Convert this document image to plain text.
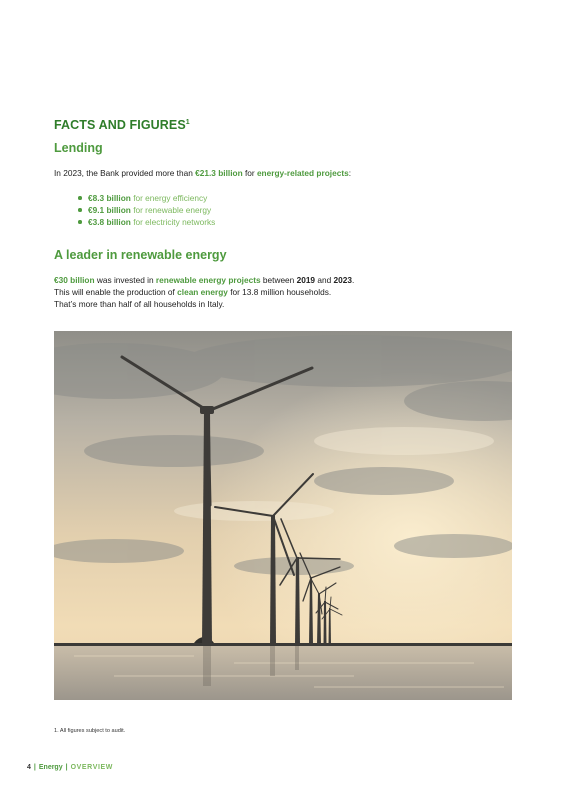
FACTS AND FIGURES$^1$
Lending

In 2023, the Bank provided more than €21.3 billion for energy-related projects:

€8.3 billion for energy efficiency
€9.1 billion for renewable energy
€3.8 billion for electricity networks
A leader in renewable energy

€30 billion was invested in renewable energy projects between 2019 and 2023.
This will enable the production of clean energy for 13.8 million households.
That’s more than half of all households in Italy.

1. All figures subject to audit.

4 | Energy | OVERVIEW
